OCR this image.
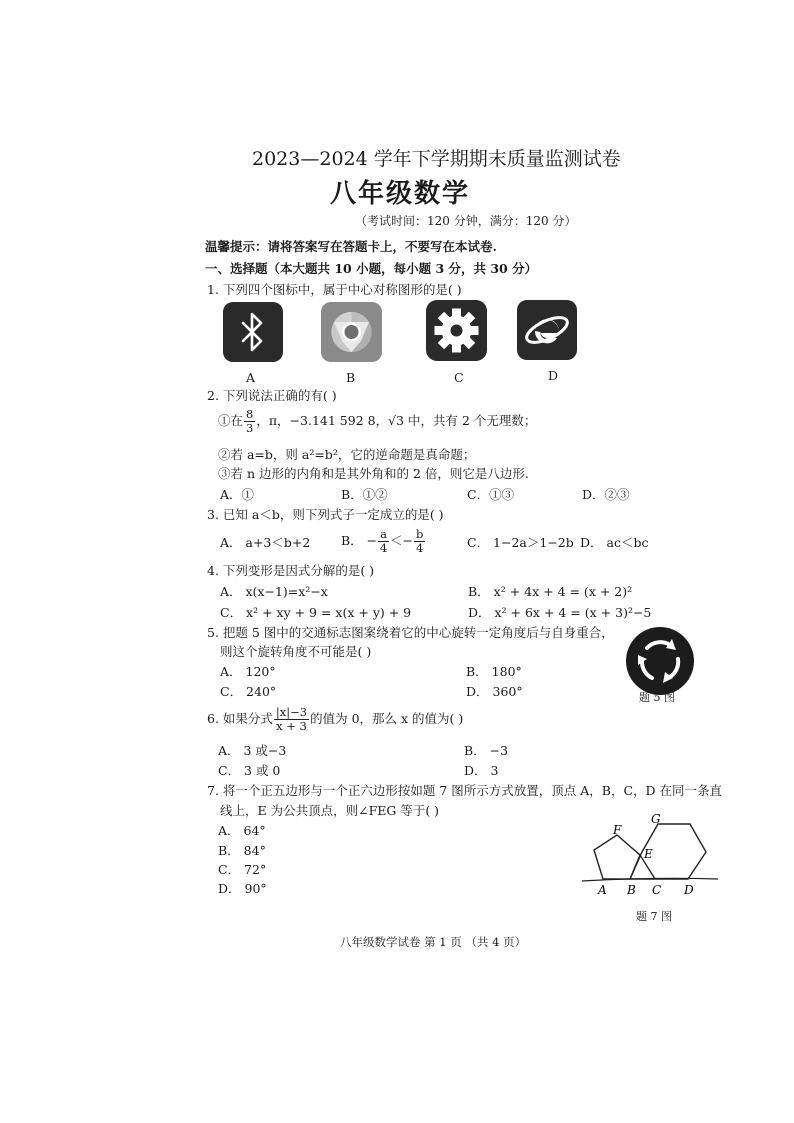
2023—2024 学年下学期期末质量监测试卷
八年级数学
（考试时间：120 分钟，满分：120 分）
温馨提示：请将答案写在答题卡上，不要写在本试卷.
一、选择题（本大题共 10 小题，每小题 3 分，共 30 分）
1. 下列四个图标中，属于中心对称图形的是( )
A	B	C	D
2. 下列说法正确的有( )
①在 $\frac{8}{3}$ ，π，−3.141 592 8，√3 中，共有 2 个无理数；
②若 a=b，则 a²=b²，它的逆命题是真命题；
③若 n 边形的内角和是其外角和的 2 倍，则它是八边形.
A．①	B．①②	C．①③	D．②③
3. 已知 a＜b，则下列式子一定成立的是( )
A． a+3＜b+2 B． − $\frac{a}{4} <- \frac{b}{4}$	C． 1−2a＞1−2b D． ac＜bc
4. 下列变形是因式分解的是( )
A． x(x−1)=x²−x	B． x² + 4x + 4 = (x + 2)²
C． x² + xy + 9 = x(x + y) + 9	D． x² + 6x + 4 = (x + 3)²−5
5. 把题 5 图中的交通标志图案绕着它的中心旋转一定角度后与自身重合，
则这个旋转角度不可能是( )
A． 120°	B． 180°
C． 240°	D． 360°	题 5 图
6. 如果分式 $\frac{|x|-3}{x + 3}$ 的值为 0，那么 x 的值为( )
A． 3 或−3	B． −3
C． 3 或 0	D． 3
7. 将一个正五边形与一个正六边形按如题 7 图所示方式放置，顶点 A，B，C，D 在同一条直
线上，E 为公共顶点，则∠FEG 等于( )
A． 64°
B． 84°
C． 72°
D． 90°
F
G
E
A B C D
题 7 图
八年级数学试卷 第 1 页 （共 4 页）
